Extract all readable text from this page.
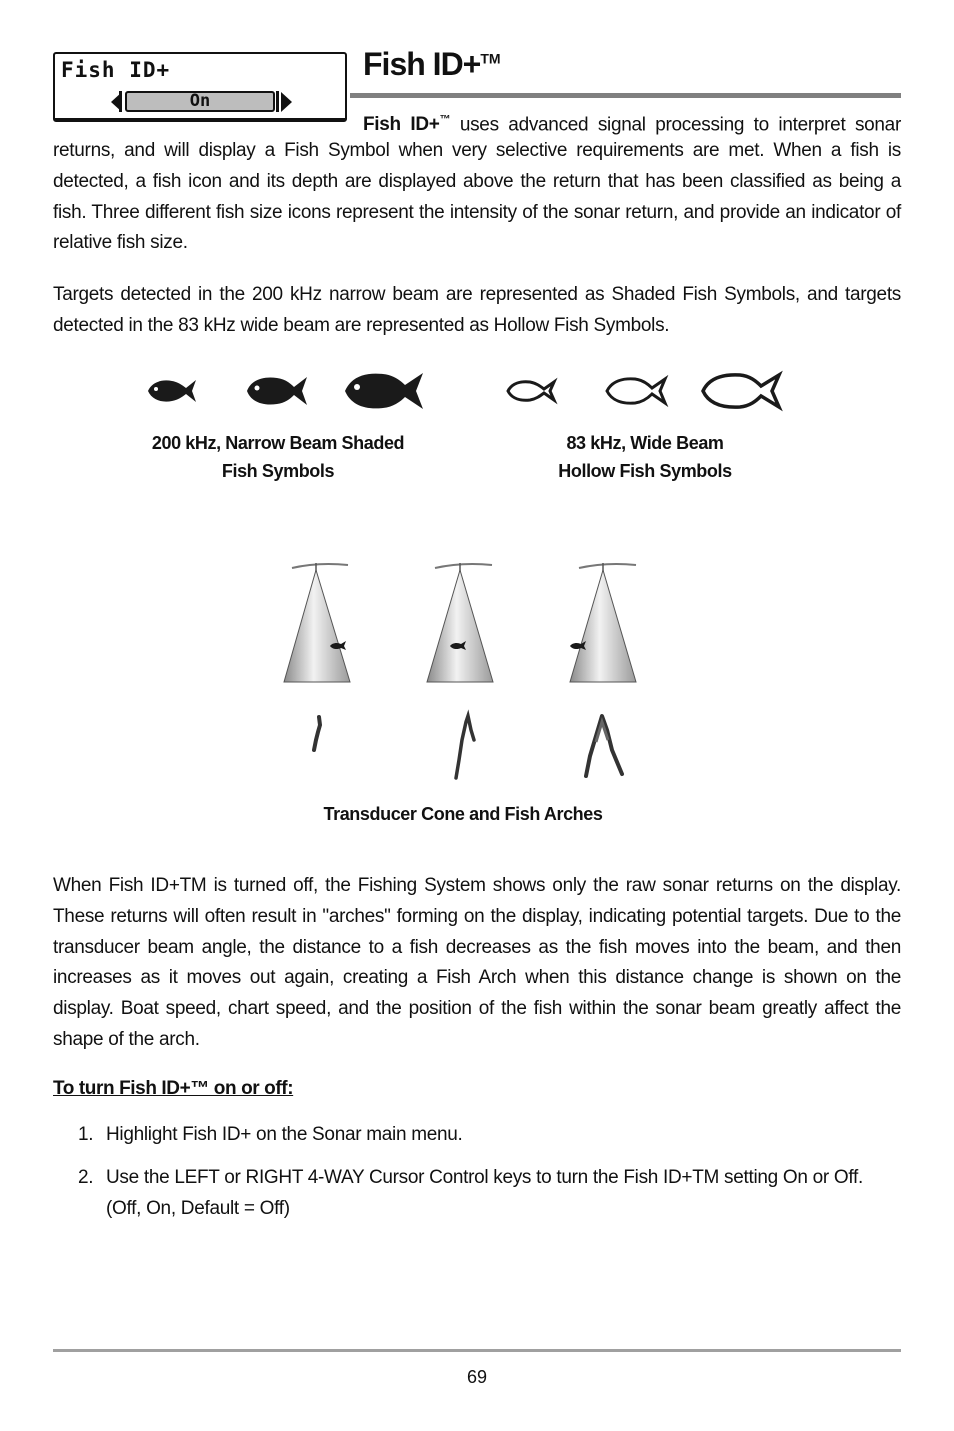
Fish ID+
On
Fish ID+™

Fish ID+™ uses advanced signal processing to interpret sonar

returns, and will display a Fish Symbol when very selective requirements are met. When a fish is detected, a fish icon and its depth are displayed above the return that has been classified as being a fish. Three different fish size icons represent the intensity of the sonar return, and provide an indicator of relative fish size.

Targets detected in the 200 kHz narrow beam are represented as Shaded Fish Symbols, and targets detected in the 83 kHz wide beam are represented as Hollow Fish Symbols.

200 kHz, Narrow Beam Shaded
Fish Symbols
83 kHz, Wide Beam
Hollow Fish Symbols
Transducer Cone and Fish Arches

When Fish ID+TM is turned off, the Fishing System shows only the raw sonar returns on the display. These returns will often result in "arches" forming on the display, indicating potential targets. Due to the transducer beam angle, the distance to a fish decreases as the fish moves into the beam, and then increases as it moves out again, creating a Fish Arch when this distance change is shown on the display. Boat speed, chart speed, and the position of the fish within the sonar beam greatly affect the shape of the arch.

To turn Fish ID+™ on or off:
1. Highlight Fish ID+ on the Sonar main menu.
2. Use the LEFT or RIGHT 4-WAY Cursor Control keys to turn the Fish ID+TM setting On or Off. (Off, On, Default = Off)
69
